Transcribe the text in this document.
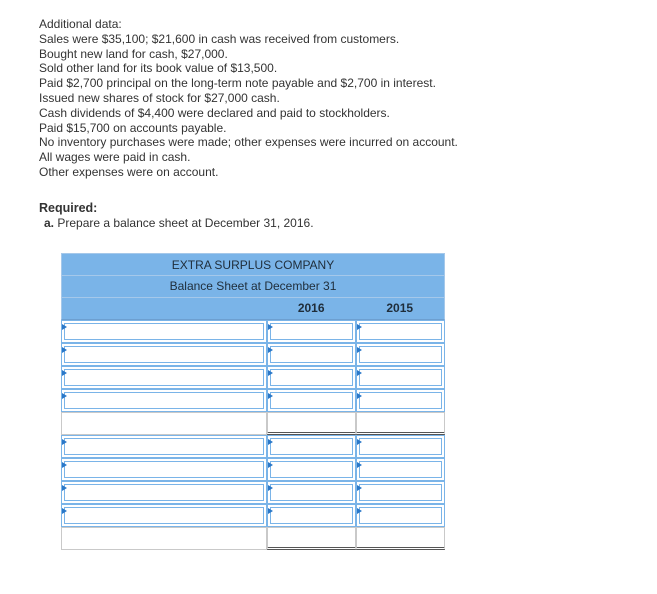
Additional data:
Sales were $35,100; $21,600 in cash was received from customers.
Bought new land for cash, $27,000.
Sold other land for its book value of $13,500.
Paid $2,700 principal on the long-term note payable and $2,700 in interest.
Issued new shares of stock for $27,000 cash.
Cash dividends of $4,400 were declared and paid to stockholders.
Paid $15,700 on accounts payable.
No inventory purchases were made; other expenses were incurred on account.
All wages were paid in cash.
Other expenses were on account.
Required:
a. Prepare a balance sheet at December 31, 2016.
EXTRA SURPLUS COMPANY
Balance Sheet at December 31
2016	2015
